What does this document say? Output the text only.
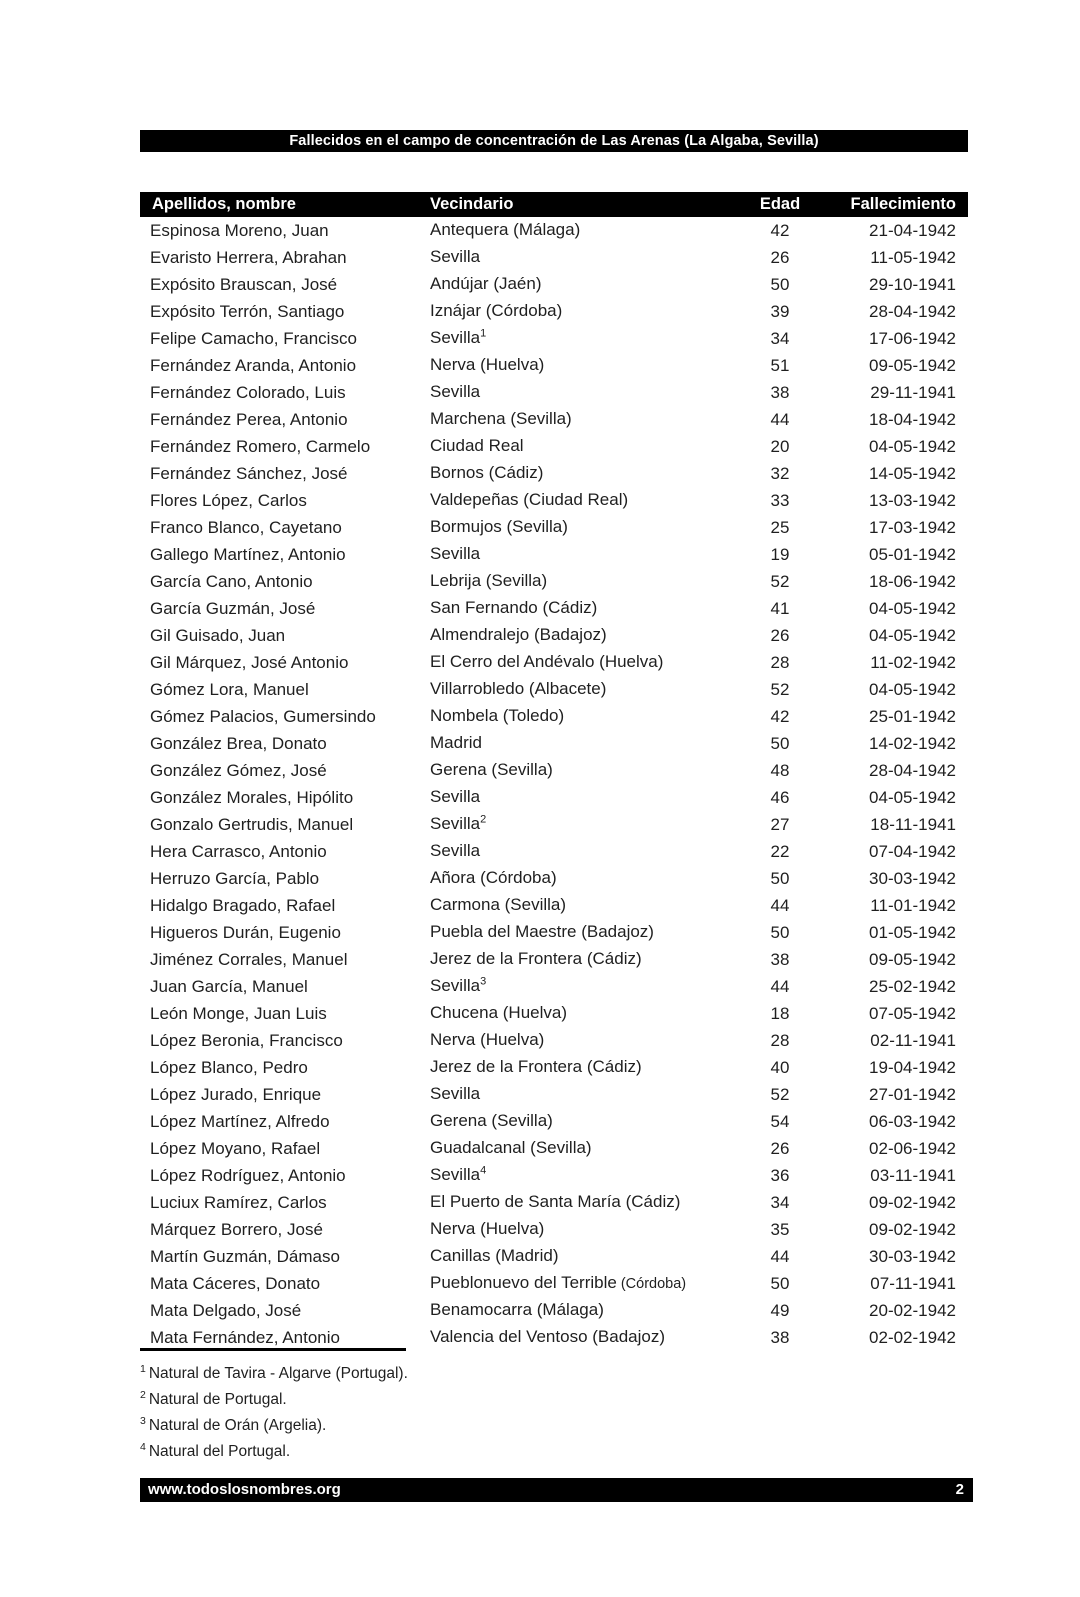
Fallecidos en el campo de concentración de Las Arenas (La Algaba, Sevilla)
Apellidos, nombre	Vecindario	Edad	Fallecimiento
Espinosa Moreno, Juan	Antequera (Málaga)	42	21-04-1942
Evaristo Herrera, Abrahan	Sevilla	26	11-05-1942
Expósito Brauscan, José	Andújar (Jaén)	50	29-10-1941
Expósito Terrón, Santiago	Iznájar (Córdoba)	39	28-04-1942
Felipe Camacho, Francisco	Sevilla$^1$	34	17-06-1942
Fernández Aranda, Antonio	Nerva (Huelva)	51	09-05-1942
Fernández Colorado, Luis	Sevilla	38	29-11-1941
Fernández Perea, Antonio	Marchena (Sevilla)	44	18-04-1942
Fernández Romero, Carmelo	Ciudad Real	20	04-05-1942
Fernández Sánchez, José	Bornos (Cádiz)	32	14-05-1942
Flores López, Carlos	Valdepeñas (Ciudad Real)	33	13-03-1942
Franco Blanco, Cayetano	Bormujos (Sevilla)	25	17-03-1942
Gallego Martínez, Antonio	Sevilla	19	05-01-1942
García Cano, Antonio	Lebrija (Sevilla)	52	18-06-1942
García Guzmán, José	San Fernando (Cádiz)	41	04-05-1942
Gil Guisado, Juan	Almendralejo (Badajoz)	26	04-05-1942
Gil Márquez, José Antonio	El Cerro del Andévalo (Huelva)	28	11-02-1942
Gómez Lora, Manuel	Villarrobledo (Albacete)	52	04-05-1942
Gómez Palacios, Gumersindo	Nombela (Toledo)	42	25-01-1942
González Brea, Donato	Madrid	50	14-02-1942
González Gómez, José	Gerena (Sevilla)	48	28-04-1942
González Morales, Hipólito	Sevilla	46	04-05-1942
Gonzalo Gertrudis, Manuel	Sevilla$^2$	27	18-11-1941
Hera Carrasco, Antonio	Sevilla	22	07-04-1942
Herruzo García, Pablo	Añora (Córdoba)	50	30-03-1942
Hidalgo Bragado, Rafael	Carmona (Sevilla)	44	11-01-1942
Higueros Durán, Eugenio	Puebla del Maestre (Badajoz)	50	01-05-1942
Jiménez Corrales, Manuel	Jerez de la Frontera (Cádiz)	38	09-05-1942
Juan García, Manuel	Sevilla$^3$	44	25-02-1942
León Monge, Juan Luis	Chucena (Huelva)	18	07-05-1942
López Beronia, Francisco	Nerva (Huelva)	28	02-11-1941
López Blanco, Pedro	Jerez de la Frontera (Cádiz)	40	19-04-1942
López Jurado, Enrique	Sevilla	52	27-01-1942
López Martínez, Alfredo	Gerena (Sevilla)	54	06-03-1942
López Moyano, Rafael	Guadalcanal (Sevilla)	26	02-06-1942
López Rodríguez, Antonio	Sevilla$^4$	36	03-11-1941
Luciux Ramírez, Carlos	El Puerto de Santa María (Cádiz)	34	09-02-1942
Márquez Borrero, José	Nerva (Huelva)	35	09-02-1942
Martín Guzmán, Dámaso	Canillas (Madrid)	44	30-03-1942
Mata Cáceres, Donato	Pueblonuevo del Terrible (Córdoba)	50	07-11-1941
Mata Delgado, José	Benamocarra (Málaga)	49	20-02-1942
Mata Fernández, Antonio	Valencia del Ventoso (Badajoz)	38	02-02-1942
$^1$ Natural de Tavira - Algarve (Portugal).
$^2$ Natural de Portugal.
$^3$ Natural de Orán (Argelia).
$^4$ Natural del Portugal.
www.todoslosnombres.org	2
